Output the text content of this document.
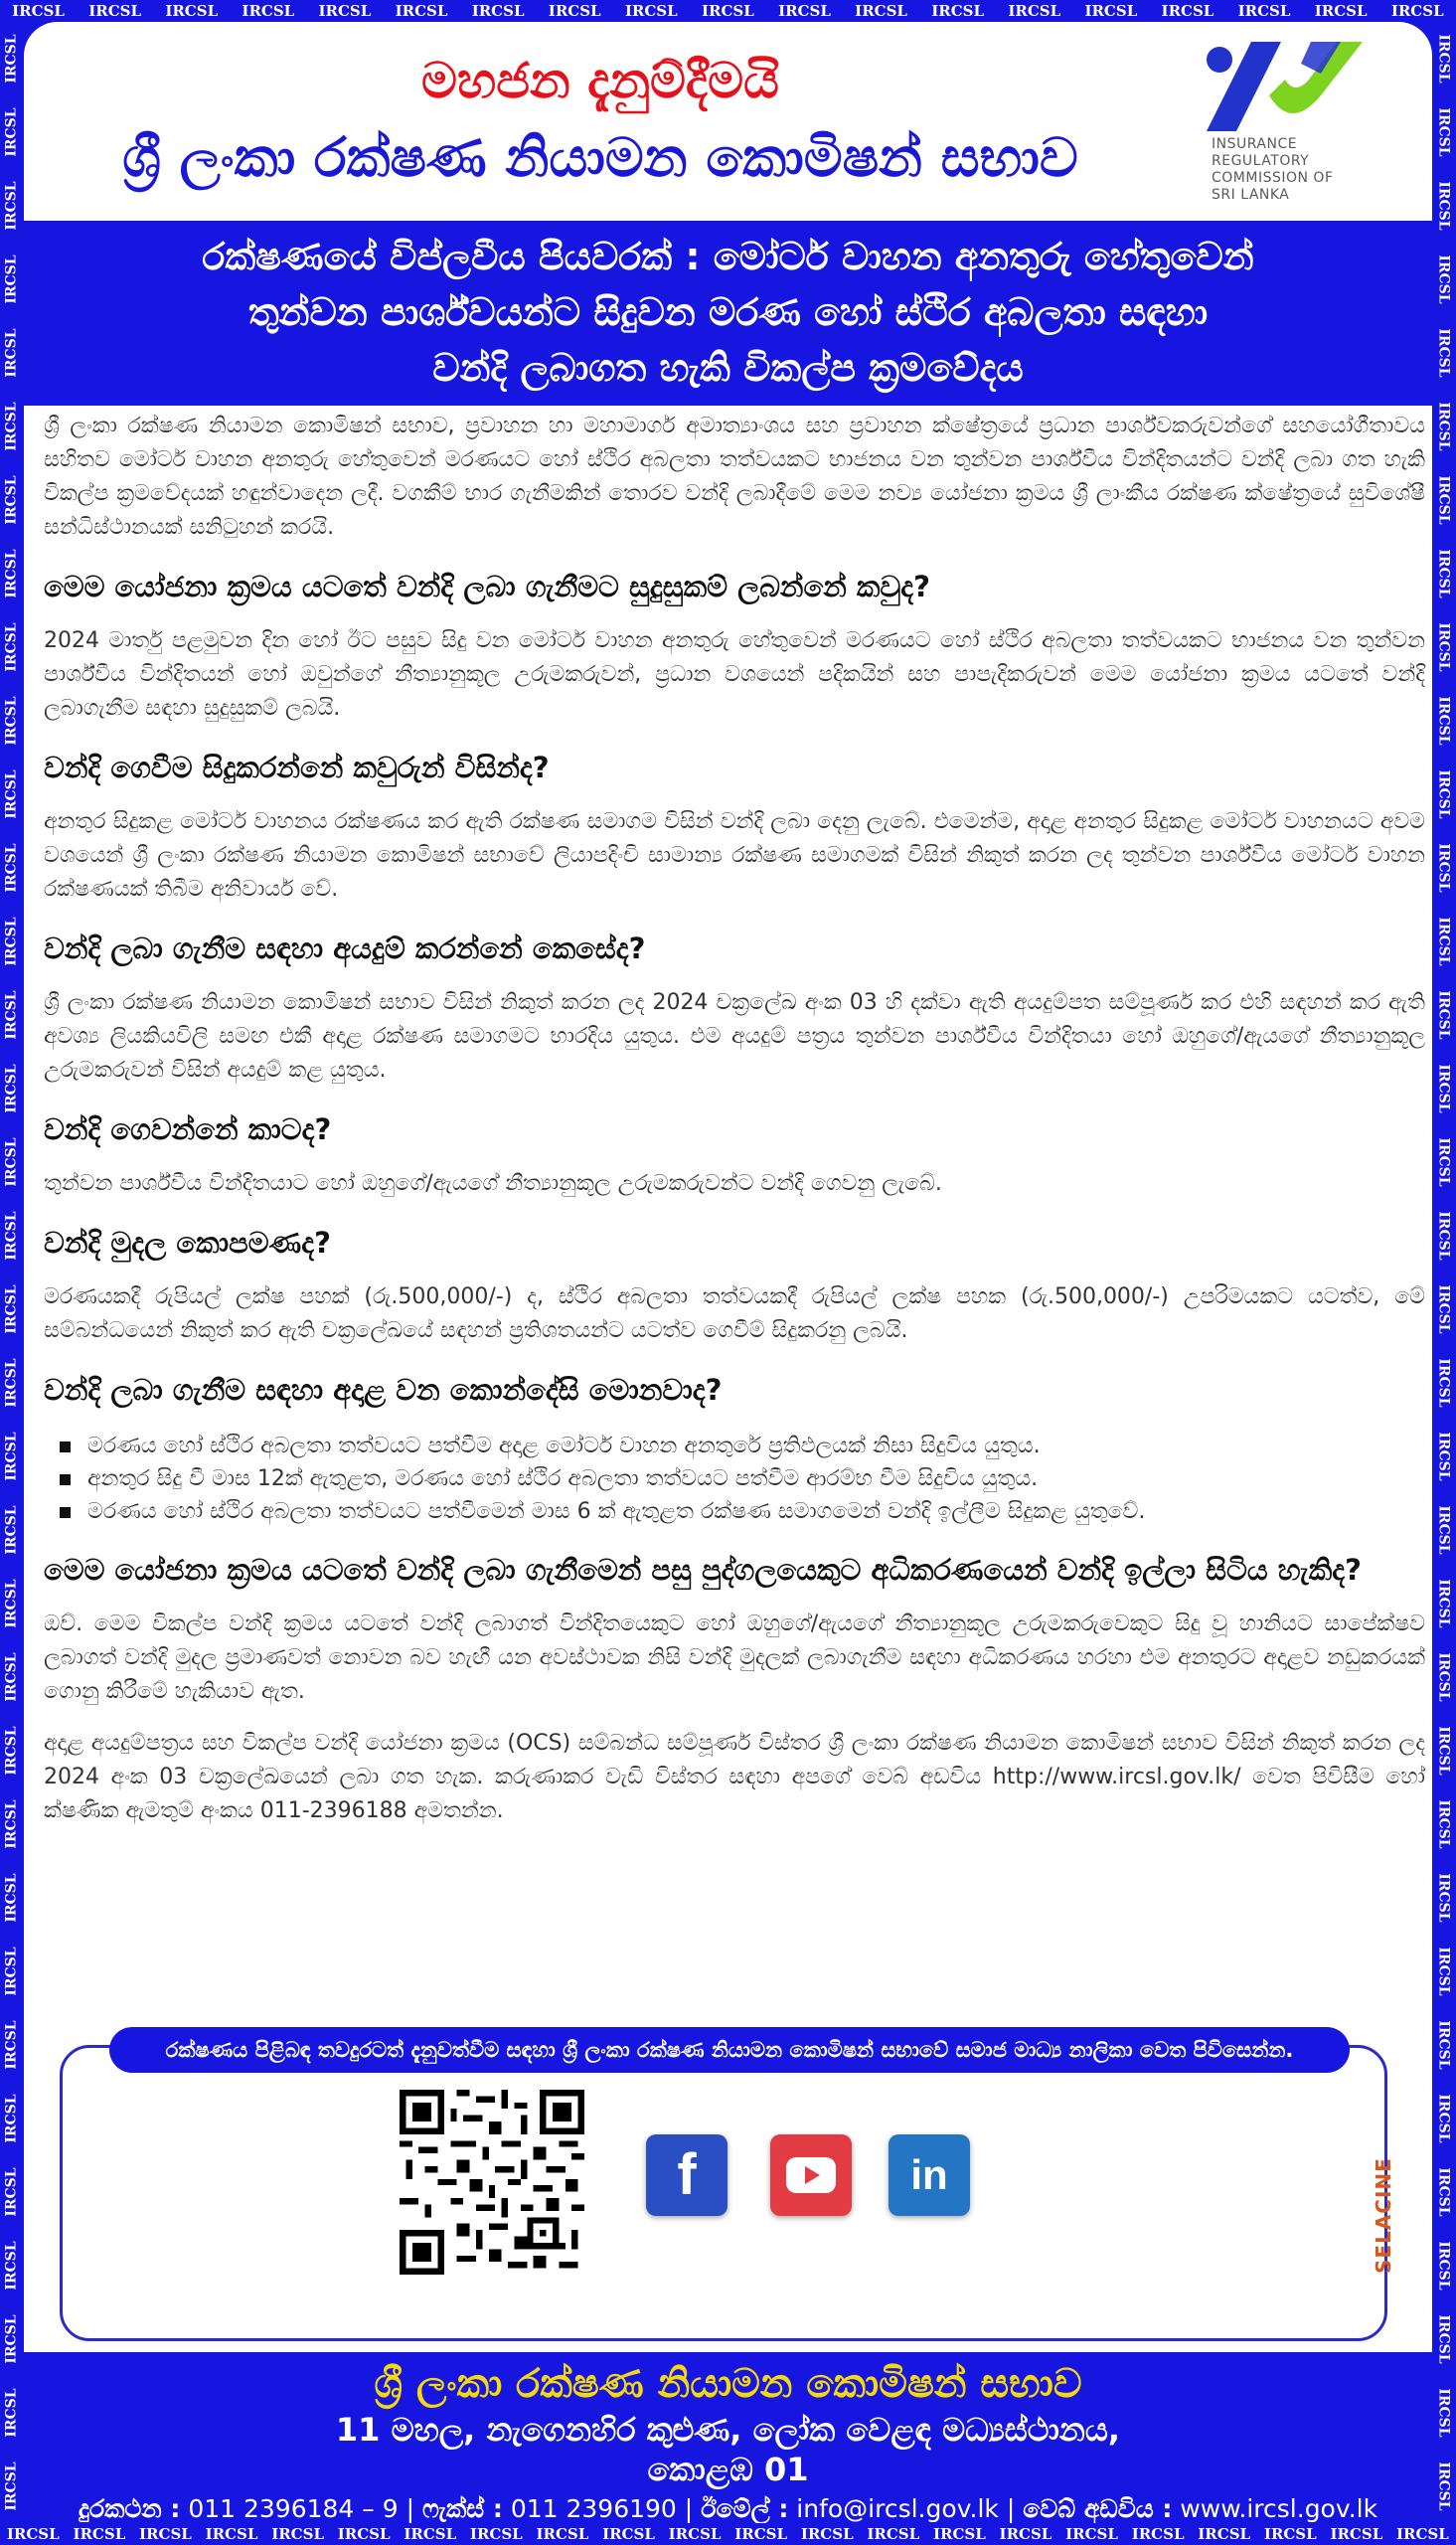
IRCSL IRCSL IRCSL IRCSL IRCSL IRCSL IRCSL IRCSL IRCSL IRCSL IRCSL IRCSL IRCSL IRCSL IRCSL IRCSL IRCSL IRCSL IRCSL
IRCSL IRCSL IRCSL IRCSL IRCSL IRCSL IRCSL IRCSL IRCSL IRCSL IRCSL IRCSL IRCSL IRCSL IRCSL IRCSL IRCSL IRCSL IRCSL IRCSL IRCSL IRCSL
IRCSL
IRCSL
IRCSL
IRCSL
IRCSL
IRCSL
IRCSL
IRCSL
IRCSL
IRCSL
IRCSL
IRCSL
IRCSL
IRCSL
IRCSL
IRCSL
IRCSL
IRCSL
IRCSL
IRCSL
IRCSL
IRCSL
IRCSL
IRCSL
IRCSL
IRCSL
IRCSL
IRCSL
IRCSL
IRCSL
IRCSL
IRCSL
IRCSL
IRCSL
IRCSL
IRCSL
IRCSL
IRCSL
IRCSL
IRCSL
IRCSL
IRCSL
IRCSL
IRCSL
IRCSL
IRCSL
IRCSL
IRCSL
IRCSL
IRCSL
IRCSL
IRCSL
IRCSL
IRCSL
IRCSL
IRCSL
IRCSL
IRCSL
IRCSL
IRCSL
IRCSL
IRCSL
IRCSL
IRCSL
IRCSL
IRCSL
IRCSL
IRCSL
මහජන දැනුම්දීමයි
ශ්‍රී ලංකා රක්ෂණ නියාමන කොමිෂන් සභාව	INSURANCE
REGULATORY
COMMISSION OF
SRI LANKA
රක්ෂණයේ විප්ලවීය පියවරක් : මෝටර් වාහන අනතුරු හේතුවෙන්
තුන්වන පාර්ශ්වයන්ට සිදුවන මරණ හෝ ස්ථිර අබලතා සඳහා
වන්දි ලබාගත හැකි විකල්ප ක්‍රමවේදය

ශ්‍රී ලංකා රක්ෂණ නියාමන කොමිෂන් සභාව, ප්‍රවාහන හා මහාමාර්ග අමාත්‍යාංශය සහ ප්‍රවාහන ක්ෂේත්‍රයේ ප්‍රධාන පාර්ශ්වකරුවන්ගේ සහයෝගීතාවය සහිතව මෝටර් වාහන අනතුරු හේතුවෙන් මරණයට හෝ ස්ථිර අබලතා තත්වයකට භාජනය වන තුන්වන පාර්ශ්වීය වින්දිතයන්ට වන්දි ලබා ගත හැකි විකල්ප ක්‍රමවේදයක් හඳුන්වාදෙන ලදී. වගකීම් භාර ගැනීමකින් තොරව වන්දි ලබාදීමේ මෙම නව්‍ය යෝජනා ක්‍රමය ශ්‍රී ලාංකීය රක්ෂණ ක්ෂේත්‍රයේ සුවිශේෂී සන්ධිස්ථානයක් සනිටුහන් කරයි.

මෙම යෝජනා ක්‍රමය යටතේ වන්දි ලබා ගැනීමට සුදුසුකම් ලබන්නේ කවුද?

2024 මාර්තු පළමුවන දින හෝ ඊට පසුව සිදු වන මෝටර් වාහන අනතුරු හේතුවෙන් මරණයට හෝ ස්ථිර අබලතා තත්වයකට භාජනය වන තුන්වන පාර්ශ්වීය වින්දිතයන් හෝ ඔවුන්ගේ නීත්‍යානුකූල උරුමකරුවන්, ප්‍රධාන වශයෙන් පදිකයින් සහ පාපැදිකරුවන් මෙම යෝජනා ක්‍රමය යටතේ වන්දි ලබාගැනීම සඳහා සුදුසුකම් ලබයි.

වන්දි ගෙවීම සිදුකරන්නේ කවුරුන් විසින්ද?

අනතුර සිදුකළ මෝටර් වාහනය රක්ෂණය කර ඇති රක්ෂණ සමාගම විසින් වන්දි ලබා දෙනු ලැබේ. එමෙන්ම, අදාළ අනතුර සිදුකළ මෝටර් වාහනයට අවම වශයෙන් ශ්‍රී ලංකා රක්ෂණ නියාමන කොමිෂන් සභාවේ ලියාපදිංචි සාමාන්‍ය රක්ෂණ සමාගමක් විසින් නිකුත් කරන ලද තුන්වන පාර්ශ්වීය මෝටර් වාහන රක්ෂණයක් තිබීම අනිවාර්ය වේ.

වන්දි ලබා ගැනීම සඳහා අයදුම් කරන්නේ කෙසේද?

ශ්‍රී ලංකා රක්ෂණ නියාමන කොමිෂන් සභාව විසින් නිකුත් කරන ලද 2024 චක්‍රලේඛ අංක 03 හි දක්වා ඇති අයදුම්පත සම්පූර්ණ කර එහි සඳහන් කර ඇති අවශ්‍ය ලියකියවිලි සමඟ එකී අදාළ රක්ෂණ සමාගමට භාරදිය යුතුය. එම අයදුම් පත්‍රය තුන්වන පාර්ශ්වීය වින්දිතයා හෝ ඔහුගේ/ඇයගේ නීත්‍යානුකූල උරුමකරුවන් විසින් අයදුම් කළ යුතුය.

වන්දි ගෙවන්නේ කාටද?

තුන්වන පාර්ශ්වීය වින්දිතයාට හෝ ඔහුගේ/ඇයගේ නීත්‍යානුකූල උරුමකරුවන්ට වන්දි ගෙවනු ලැබේ.

වන්දි මුදල කොපමණද?

මරණයකදී රුපියල් ලක්ෂ පහක් (රු.500,000/-) ද, ස්ථිර අබලතා තත්වයකදී රුපියල් ලක්ෂ පහක (රු.500,000/-) උපරිමයකට යටත්ව, මේ සම්බන්ධයෙන් නිකුත් කර ඇති චක්‍රලේඛයේ සඳහන් ප්‍රතිශතයන්ට යටත්ව ගෙවීම් සිදුකරනු ලබයි.

වන්දි ලබා ගැනීම සඳහා අදාළ වන කොන්දේසි මොනවාද?

මරණය හෝ ස්ථිර අබලතා තත්වයට පත්වීම අදාළ මෝටර් වාහන අනතුරේ ප්‍රතිඵලයක් නිසා සිදුවිය යුතුය.
අනතුර සිදු වී මාස 12ක් ඇතුළත, මරණය හෝ ස්ථිර අබලතා තත්වයට පත්වීම ආරම්භ වීම සිදුවිය යුතුය.
මරණය හෝ ස්ථිර අබලතා තත්වයට පත්වීමෙන් මාස 6 ක් ඇතුළත රක්ෂණ සමාගමෙන් වන්දි ඉල්ලීම සිදුකළ යුතුවේ.

මෙම යෝජනා ක්‍රමය යටතේ වන්දි ලබා ගැනීමෙන් පසු පුද්ගලයෙකුට අධිකරණයෙන් වන්දි ඉල්ලා සිටිය හැකිද?

ඔව්. මෙම විකල්ප වන්දි ක්‍රමය යටතේ වන්දි ලබාගත් වින්දිතයෙකුට හෝ ඔහුගේ/ඇයගේ නීත්‍යානුකූල උරුමකරුවෙකුට සිදු වූ හානියට සාපේක්ෂව ලබාගත් වන්දි මුදල ප්‍රමාණවත් නොවන බව හැඟී යන අවස්ථාවක නිසි වන්දි මුදලක් ලබාගැනීම සඳහා අධිකරණය හරහා එම අනතුරට අදාළව නඩුකරයක් ගොනු කිරීමේ හැකියාව ඇත.

අදාළ අයදුම්පත්‍රය සහ විකල්ප වන්දි යෝජනා ක්‍රමය (OCS) සම්බන්ධ සම්පූර්ණ විස්තර ශ්‍රී ලංකා රක්ෂණ නියාමන කොමිෂන් සභාව විසින් නිකුත් කරන ලද 2024 අංක 03 චක්‍රලේඛයෙන් ලබා ගත හැක. කරුණාකර වැඩි විස්තර සඳහා අපගේ වෙබ් අඩවිය http://www.ircsl.gov.lk/ වෙත පිවිසීම හෝ ක්ෂණික ඇමතුම් අංකය 011-2396188 අමතන්න.

රක්ෂණය පිළිබඳ තවදුරටත් දැනුවත්වීම සඳහා ශ්‍රී ලංකා රක්ෂණ නියාමන කොමිෂන් සභාවේ සමාජ මාධ්‍ය නාලිකා වෙත පිවිසෙන්න.
f	in	SELACINE
ශ්‍රී ලංකා රක්ෂණ නියාමන කොමිෂන් සභාව
11 මහල, නැගෙනහිර කුළුණ, ලෝක වෙළඳ මධ්‍යස්ථානය,
කොළඹ 01
දුරකථන : 011 2396184 – 9 | ෆැක්ස් : 011 2396190 | ඊමේල් : info@ircsl.gov.lk | වෙබ් අඩවිය : www.ircsl.gov.lk
